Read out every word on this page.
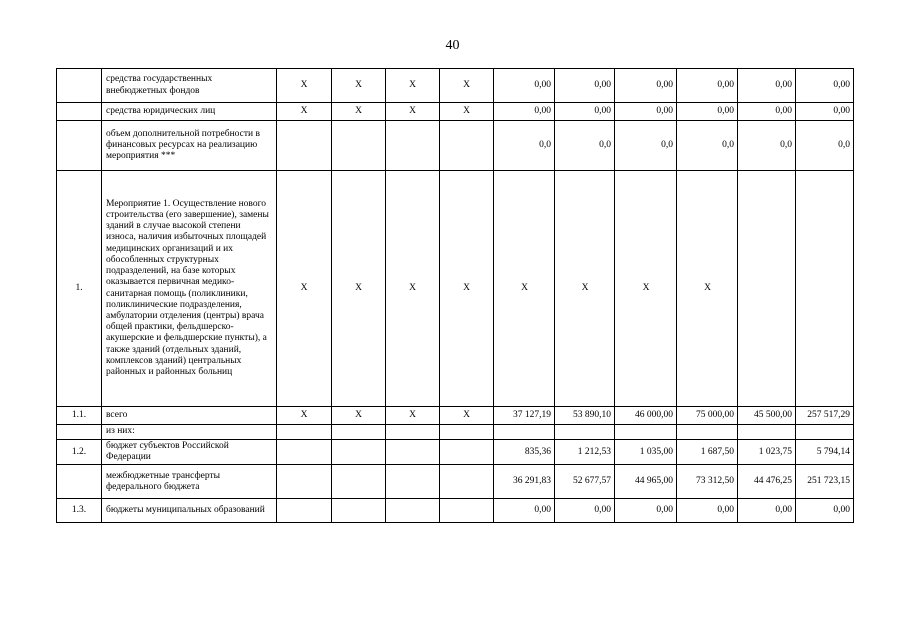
40
	средства государственных внебюджетных фондов	X	X	X	X	0,00	0,00	0,00	0,00	0,00	0,00
	средства юридических лиц	X	X	X	X	0,00	0,00	0,00	0,00	0,00	0,00
	объем дополнительной потребности в финансовых ресурсах на реализацию мероприятия ***					0,0	0,0	0,0	0,0	0,0	0,0
1.	Мероприятие 1. Осуществление нового строительства (его завершение), замены зданий в случае высокой степени износа, наличия избыточных площадей медицинских организаций и их обособленных структурных подразделений, на базе которых оказывается первичная медико-санитарная помощь (поликлиники, поликлинические подразделения, амбулатории отделения (центры) врача общей практики, фельдшерско-акушерские и фельдшерские пункты), а также зданий (отдельных зданий, комплексов зданий) центральных районных и районных больниц	X	X	X	X	X	X	X	X		
1.1.	всего	X	X	X	X	37 127,19	53 890,10	46 000,00	75 000,00	45 500,00	257 517,29
	из них:										
1.2.	бюджет субъектов Российской Федерации					835,36	1 212,53	1 035,00	1 687,50	1 023,75	5 794,14
	межбюджетные трансферты федерального бюджета					36 291,83	52 677,57	44 965,00	73 312,50	44 476,25	251 723,15
1.3.	бюджеты муниципальных образований					0,00	0,00	0,00	0,00	0,00	0,00
